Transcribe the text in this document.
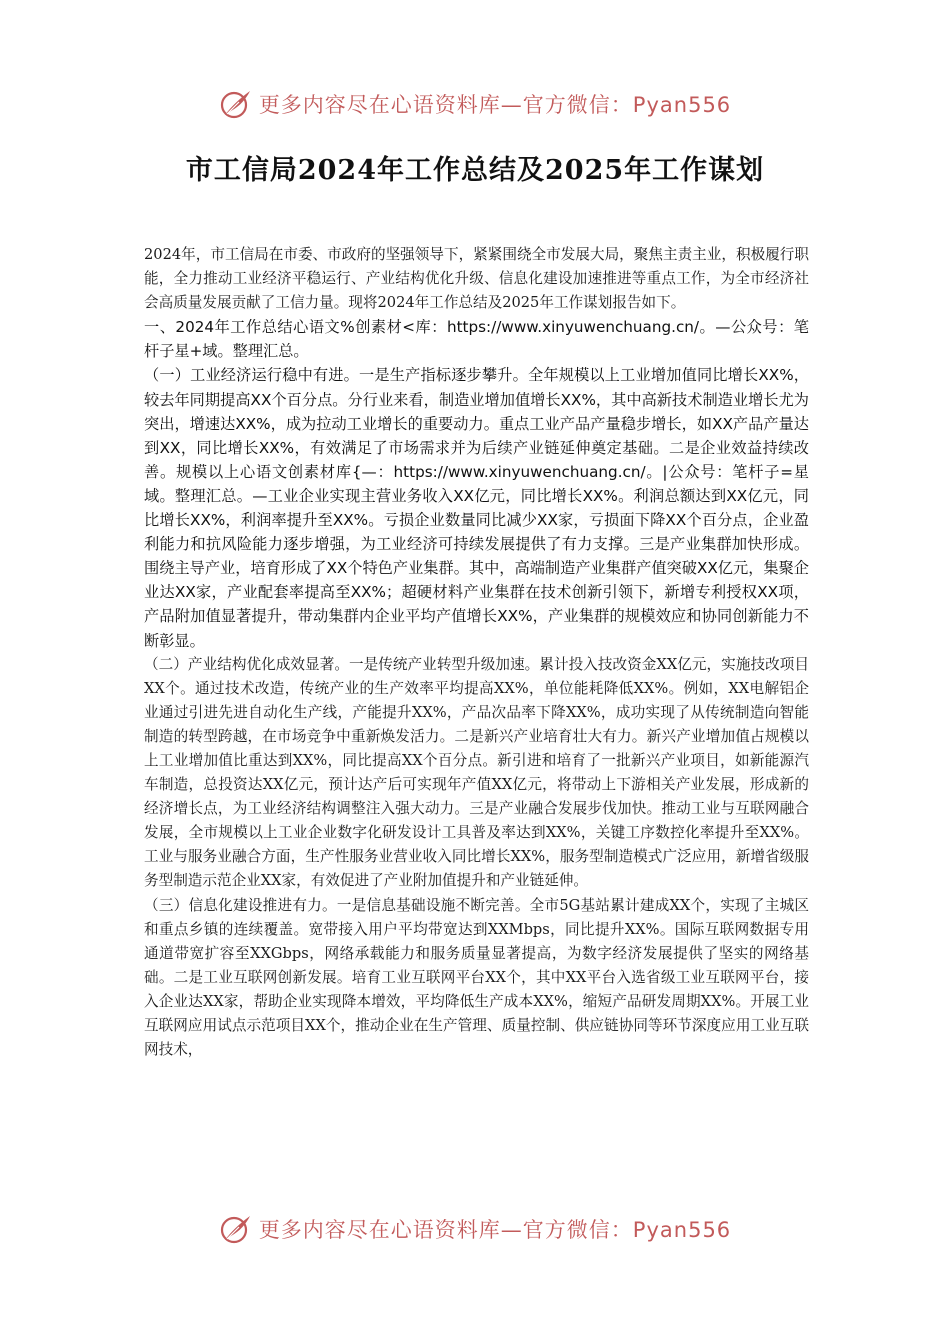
更多内容尽在心语资料库—官方微信：Pyan556
市工信局2024年工作总结及2025年工作谋划

2024年，市工信局在市委、市政府的坚强领导下，紧紧围绕全市发展大局，聚焦主责主业，积极履行职能，全力推动工业经济平稳运行、产业结构优化升级、信息化建设加速推进等重点工作，为全市经济社会高质量发展贡献了工信力量。现将2024年工作总结及2025年工作谋划报告如下。

一、2024年工作总结心语文%创素材<库：https://www.xinyuwenchuang.cn/。—公众号：笔杆子星+域。整理汇总。

（一）工业经济运行稳中有进。一是生产指标逐步攀升。全年规模以上工业增加值同比增长XX%，较去年同期提高XX个百分点。分行业来看，制造业增加值增长XX%，其中高新技术制造业增长尤为突出，增速达XX%，成为拉动工业增长的重要动力。重点工业产品产量稳步增长，如XX产品产量达到XX，同比增长XX%，有效满足了市场需求并为后续产业链延伸奠定基础。二是企业效益持续改善。规模以上心语文创素材库{—：https://www.xinyuwenchuang.cn/。|公众号：笔杆子=星域。整理汇总。—工业企业实现主营业务收入XX亿元，同比增长XX%。利润总额达到XX亿元，同比增长XX%，利润率提升至XX%。亏损企业数量同比减少XX家，亏损面下降XX个百分点，企业盈利能力和抗风险能力逐步增强，为工业经济可持续发展提供了有力支撑。三是产业集群加快形成。围绕主导产业，培育形成了XX个特色产业集群。其中，高端制造产业集群产值突破XX亿元，集聚企业达XX家，产业配套率提高至XX%；超硬材料产业集群在技术创新引领下，新增专利授权XX项，产品附加值显著提升，带动集群内企业平均产值增长XX%，产业集群的规模效应和协同创新能力不断彰显。

（二）产业结构优化成效显著。一是传统产业转型升级加速。累计投入技改资金XX亿元，实施技改项目XX个。通过技术改造，传统产业的生产效率平均提高XX%，单位能耗降低XX%。例如，XX电解铝企业通过引进先进自动化生产线，产能提升XX%，产品次品率下降XX%，成功实现了从传统制造向智能制造的转型跨越，在市场竞争中重新焕发活力。二是新兴产业培育壮大有力。新兴产业增加值占规模以上工业增加值比重达到XX%，同比提高XX个百分点。新引进和培育了一批新兴产业项目，如新能源汽车制造，总投资达XX亿元，预计达产后可实现年产值XX亿元，将带动上下游相关产业发展，形成新的经济增长点，为工业经济结构调整注入强大动力。三是产业融合发展步伐加快。推动工业与互联网融合发展，全市规模以上工业企业数字化研发设计工具普及率达到XX%，关键工序数控化率提升至XX%。工业与服务业融合方面，生产性服务业营业收入同比增长XX%，服务型制造模式广泛应用，新增省级服务型制造示范企业XX家，有效促进了产业附加值提升和产业链延伸。

（三）信息化建设推进有力。一是信息基础设施不断完善。全市5G基站累计建成XX个，实现了主城区和重点乡镇的连续覆盖。宽带接入用户平均带宽达到XXMbps，同比提升XX%。国际互联网数据专用通道带宽扩容至XXGbps，网络承载能力和服务质量显著提高，为数字经济发展提供了坚实的网络基础。二是工业互联网创新发展。培育工业互联网平台XX个，其中XX平台入选省级工业互联网平台，接入企业达XX家，帮助企业实现降本增效，平均降低生产成本XX%，缩短产品研发周期XX%。开展工业互联网应用试点示范项目XX个，推动企业在生产管理、质量控制、供应链协同等环节深度应用工业互联网技术，

更多内容尽在心语资料库—官方微信：Pyan556
